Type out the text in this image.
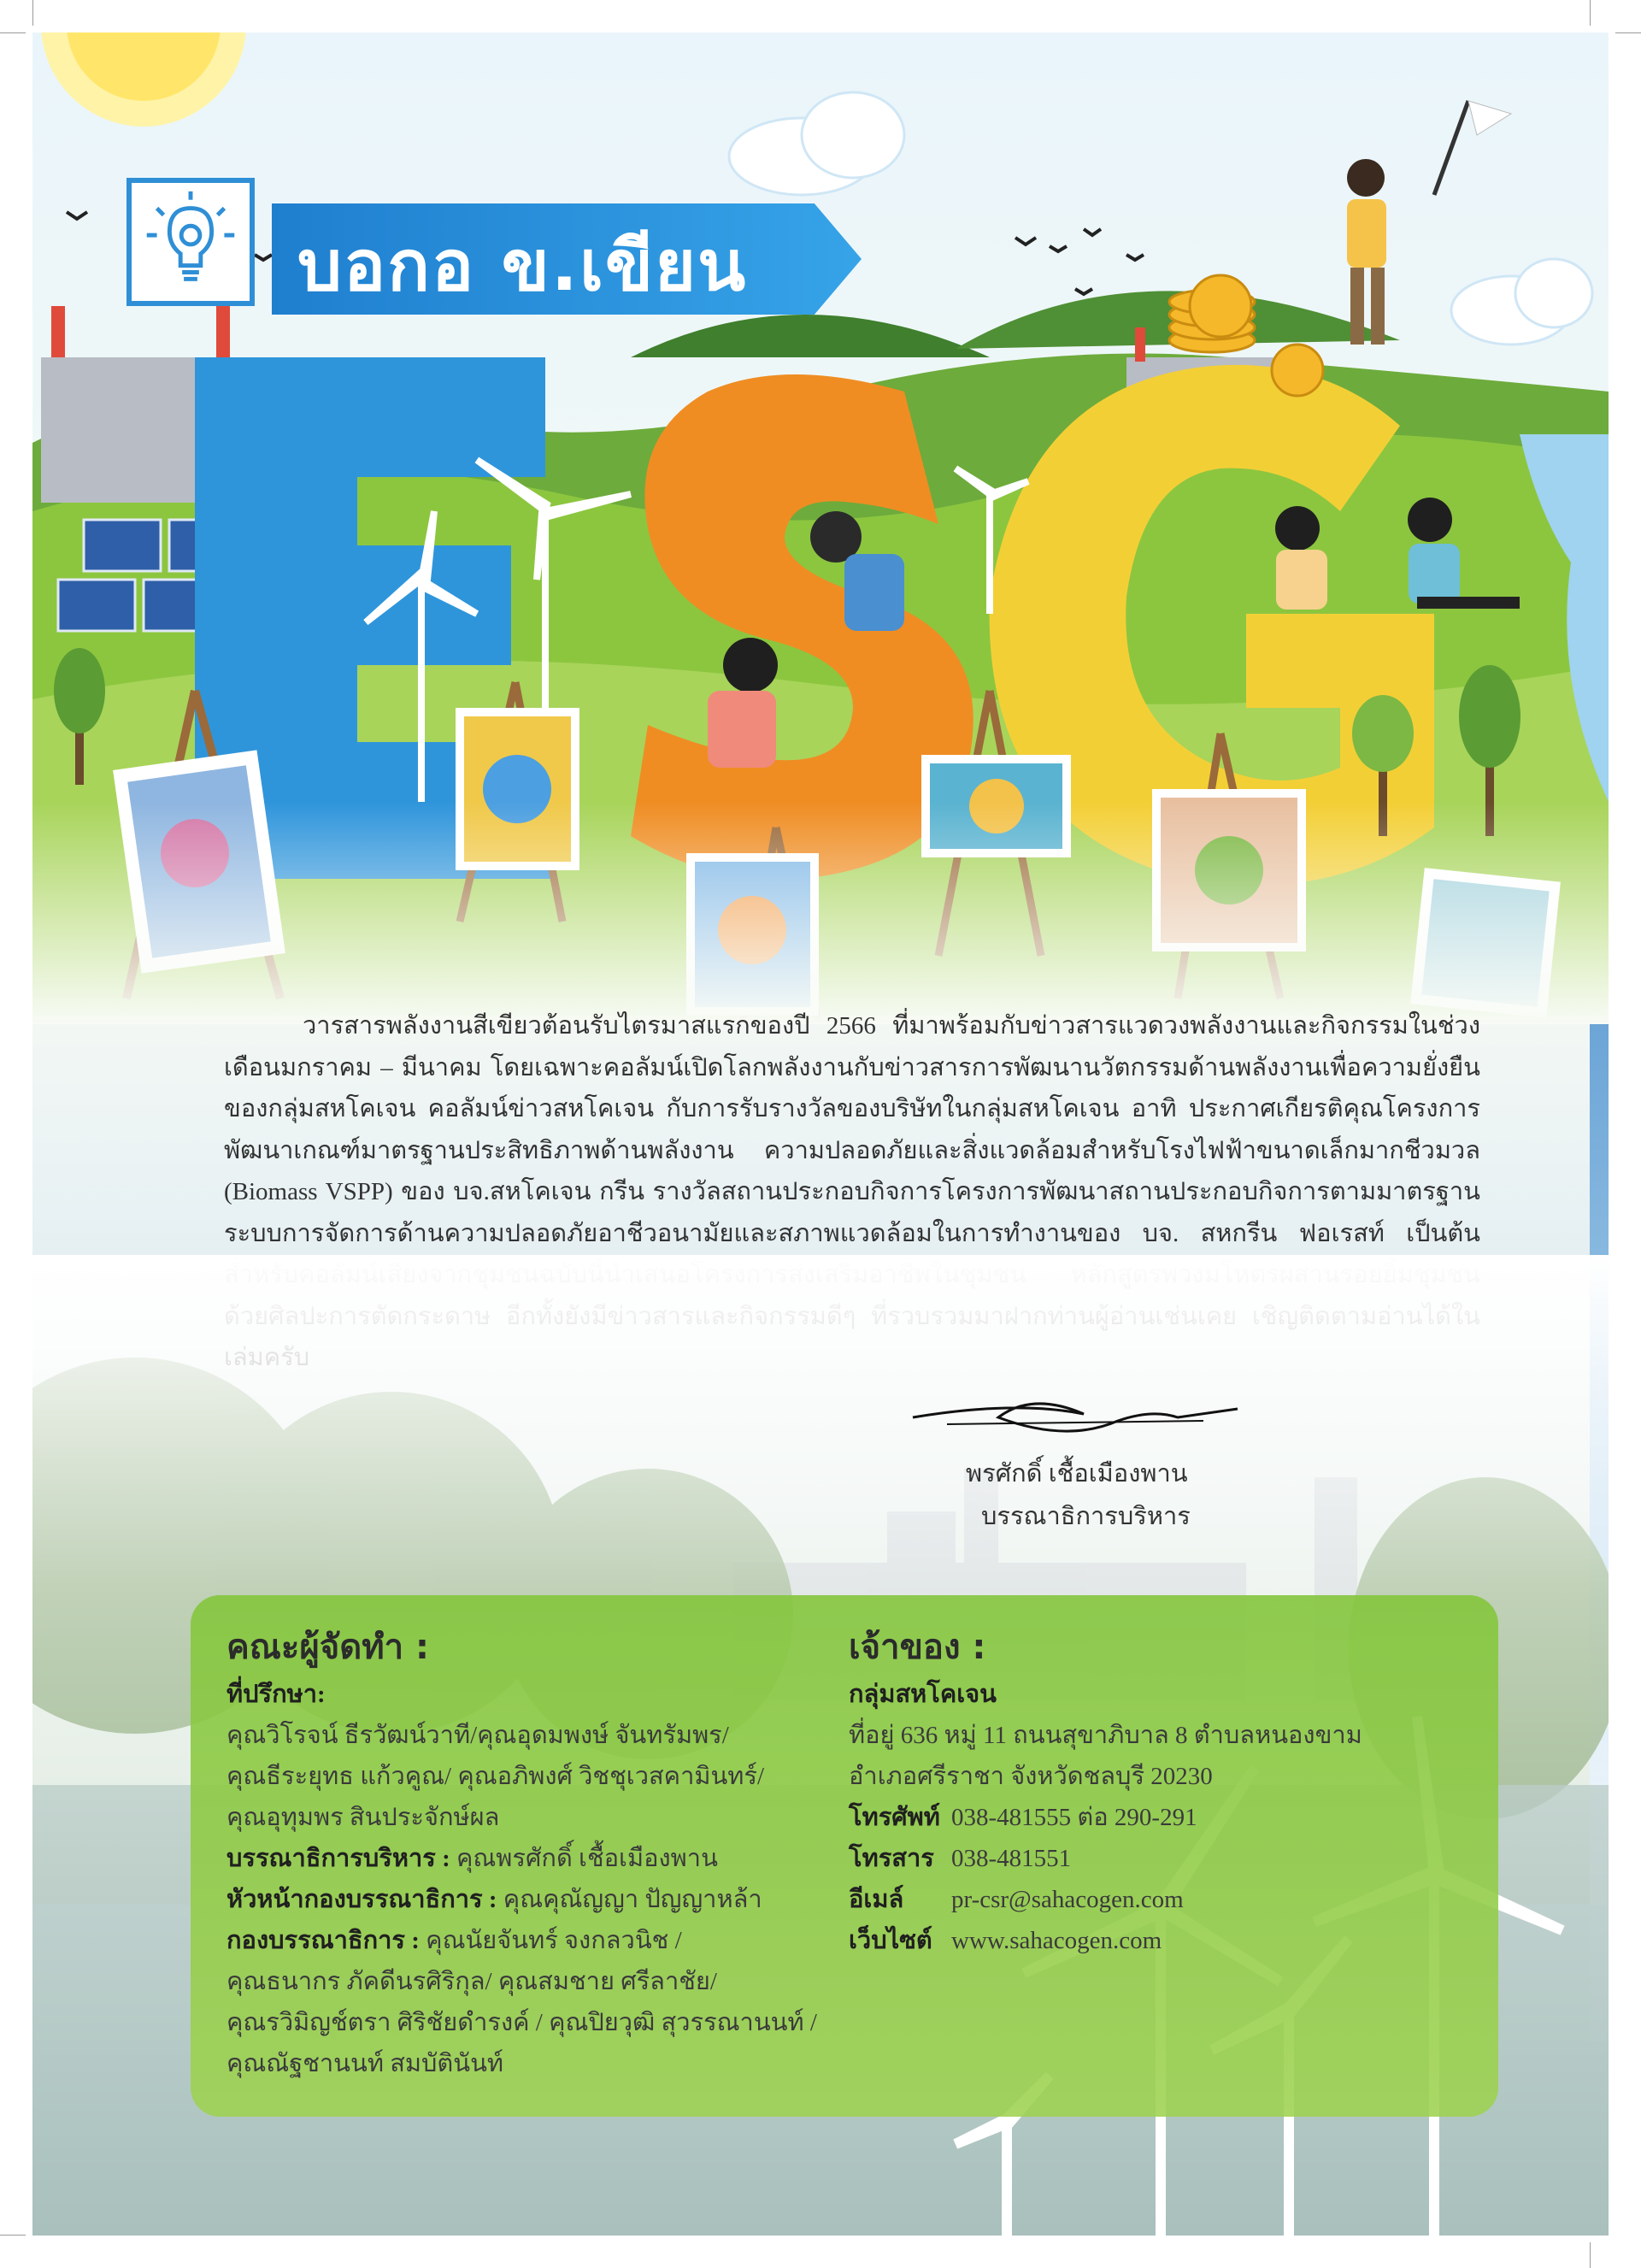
บอกอ ข.เขียน

วารสารพลังงานสีเขียวต้อนรับไตรมาสแรกของปี 2566 ที่มาพร้อมกับข่าวสารแวดวงพลังงานและกิจกรรมในช่วงเดือนมกราคม – มีนาคม โดยเฉพาะคอลัมน์เปิดโลกพลังงานกับข่าวสารการพัฒนานวัตกรรมด้านพลังงานเพื่อความยั่งยืนของกลุ่มสหโคเจน คอลัมน์ข่าวสหโคเจน กับการรับรางวัลของบริษัทในกลุ่มสหโคเจน อาทิ ประกาศเกียรติคุณโครงการพัฒนาเกณฑ์มาตรฐานประสิทธิภาพด้านพลังงาน ความปลอดภัยและสิ่งแวดล้อมสำหรับโรงไฟฟ้าขนาดเล็กมากชีวมวล (Biomass VSPP) ของ บจ.สหโคเจน กรีน รางวัลสถานประกอบกิจการโครงการพัฒนาสถานประกอบกิจการตามมาตรฐานระบบการจัดการด้านความปลอดภัยอาชีวอนามัยและสภาพแวดล้อมในการทำงานของ บจ. สหกรีน ฟอเรสท์ เป็นต้น

พรศักดิ์ เชื้อเมืองพาน
บรรณาธิการบริหาร
คณะผู้จัดทำ :
ที่ปรึกษา:
คุณวิโรจน์ ธีรวัฒน์วาที/คุณอุดมพงษ์ จันทรัมพร/
คุณธีระยุทธ แก้วคูณ/ คุณอภิพงศ์ วิชชุเวสคามินทร์/
คุณอุทุมพร สินประจักษ์ผล
บรรณาธิการบริหาร : คุณพรศักดิ์ เชื้อเมืองพาน
หัวหน้ากองบรรณาธิการ : คุณคุณัญญา ปัญญาหล้า
กองบรรณาธิการ : คุณนัยจันทร์ จงกลวนิช /
คุณธนากร ภัคดีนรศิริกุล/ คุณสมชาย ศรีลาชัย/
คุณรวิมิญช์ตรา ศิริชัยดำรงค์ / คุณปิยวุฒิ สุวรรณานนท์ /
คุณณัฐชานนท์ สมบัตินันท์
เจ้าของ :
กลุ่มสหโคเจน
ที่อยู่ 636 หมู่ 11 ถนนสุขาภิบาล 8 ตำบลหนองขาม
อำเภอศรีราชา จังหวัดชลบุรี 20230
โทรศัพท์ 038-481555 ต่อ 290-291
โทรสาร 038-481551
อีเมล์	pr-csr@sahacogen.com
เว็บไซต์ www.sahacogen.com
